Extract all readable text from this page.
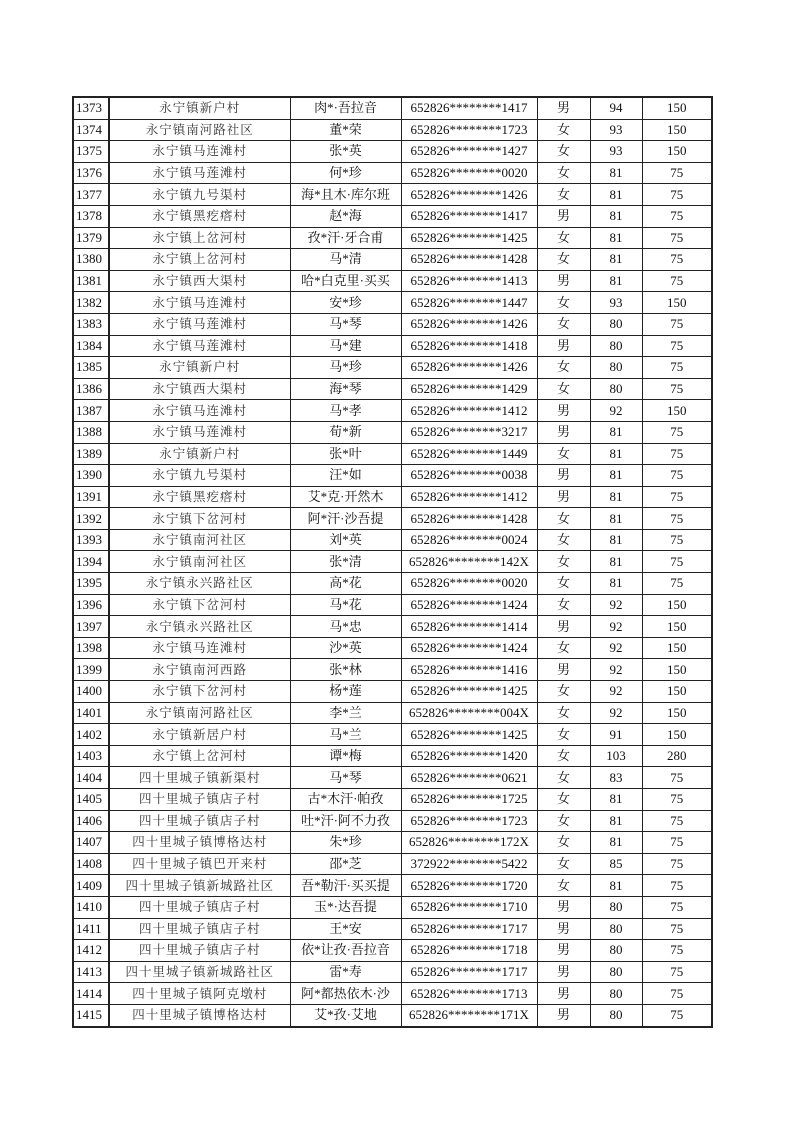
1373	永宁镇新户村	肉*·吾拉音	652826********1417	男	94	150
1374	永宁镇南河路社区	董*荣	652826********1723	女	93	150
1375	永宁镇马连滩村	张*英	652826********1427	女	93	150
1376	永宁镇马莲滩村	何*珍	652826********0020	女	81	75
1377	永宁镇九号渠村	海*且木·库尔班	652826********1426	女	81	75
1378	永宁镇黑疙瘩村	赵*海	652826********1417	男	81	75
1379	永宁镇上岔河村	孜*汗·牙合甫	652826********1425	女	81	75
1380	永宁镇上岔河村	马*清	652826********1428	女	81	75
1381	永宁镇西大渠村	哈*白克里·买买	652826********1413	男	81	75
1382	永宁镇马连滩村	安*珍	652826********1447	女	93	150
1383	永宁镇马莲滩村	马*琴	652826********1426	女	80	75
1384	永宁镇马莲滩村	马*建	652826********1418	男	80	75
1385	永宁镇新户村	马*珍	652826********1426	女	80	75
1386	永宁镇西大渠村	海*琴	652826********1429	女	80	75
1387	永宁镇马连滩村	马*孝	652826********1412	男	92	150
1388	永宁镇马莲滩村	荀*新	652826********3217	男	81	75
1389	永宁镇新户村	张*叶	652826********1449	女	81	75
1390	永宁镇九号渠村	汪*如	652826********0038	男	81	75
1391	永宁镇黑疙瘩村	艾*克·开然木	652826********1412	男	81	75
1392	永宁镇下岔河村	阿*汗·沙吾提	652826********1428	女	81	75
1393	永宁镇南河社区	刘*英	652826********0024	女	81	75
1394	永宁镇南河社区	张*清	652826********142X	女	81	75
1395	永宁镇永兴路社区	高*花	652826********0020	女	81	75
1396	永宁镇下岔河村	马*花	652826********1424	女	92	150
1397	永宁镇永兴路社区	马*忠	652826********1414	男	92	150
1398	永宁镇马连滩村	沙*英	652826********1424	女	92	150
1399	永宁镇南河西路	张*林	652826********1416	男	92	150
1400	永宁镇下岔河村	杨*莲	652826********1425	女	92	150
1401	永宁镇南河路社区	李*兰	652826********004X	女	92	150
1402	永宁镇新居户村	马*兰	652826********1425	女	91	150
1403	永宁镇上岔河村	谭*梅	652826********1420	女	103	280
1404	四十里城子镇新渠村	马*琴	652826********0621	女	83	75
1405	四十里城子镇店子村	古*木汗·帕孜	652826********1725	女	81	75
1406	四十里城子镇店子村	吐*汗·阿不力孜	652826********1723	女	81	75
1407	四十里城子镇博格达村	朱*珍	652826********172X	女	81	75
1408	四十里城子镇巴开来村	邵*芝	372922********5422	女	85	75
1409	四十里城子镇新城路社区	吾*勒汗·买买提	652826********1720	女	81	75
1410	四十里城子镇店子村	玉*·达吾提	652826********1710	男	80	75
1411	四十里城子镇店子村	王*安	652826********1717	男	80	75
1412	四十里城子镇店子村	依*让孜·吾拉音	652826********1718	男	80	75
1413	四十里城子镇新城路社区	雷*寿	652826********1717	男	80	75
1414	四十里城子镇阿克墩村	阿*都热依木·沙	652826********1713	男	80	75
1415	四十里城子镇博格达村	艾*孜·艾地	652826********171X	男	80	75
